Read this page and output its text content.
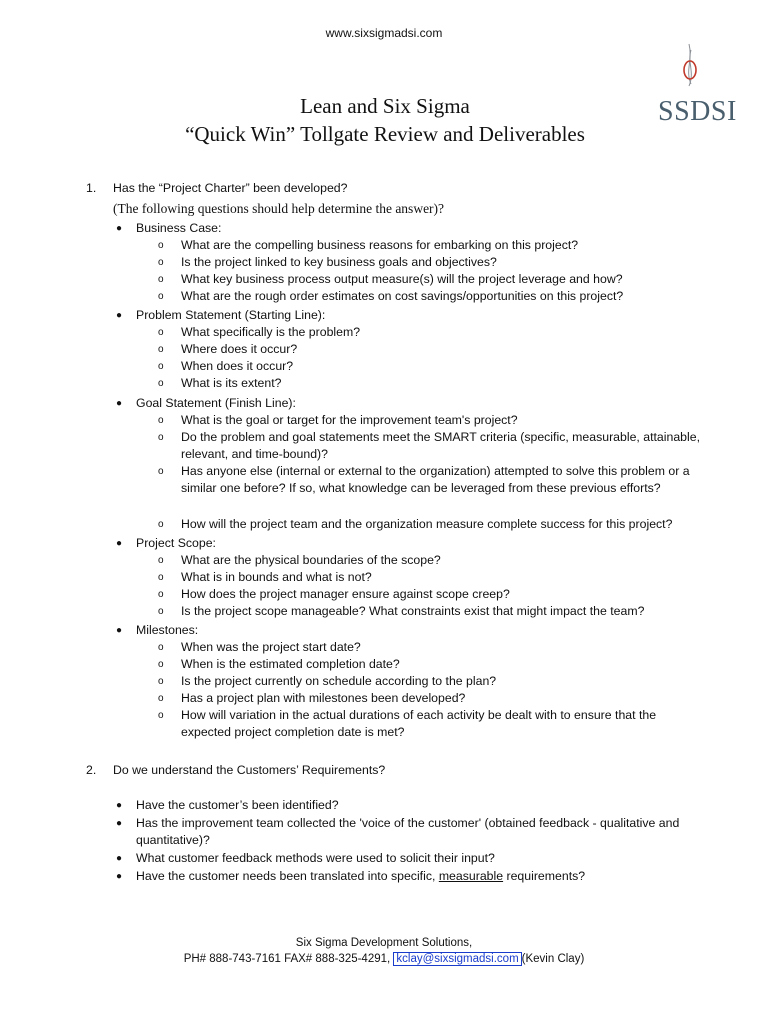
www.sixsigmadsi.com
SSDSI
Lean and Six Sigma
“Quick Win” Tollgate Review and Deliverables
1. Has the “Project Charter” been developed?
(The following questions should help determine the answer)?
● Business Case:
o What are the compelling business reasons for embarking on this project?
o Is the project linked to key business goals and objectives?
o What key business process output measure(s) will the project leverage and how?
o What are the rough order estimates on cost savings/opportunities on this project?
● Problem Statement (Starting Line):
o What specifically is the problem?
o Where does it occur?
o When does it occur?
o What is its extent?
● Goal Statement (Finish Line):
o What is the goal or target for the improvement team's project?
o Do the problem and goal statements meet the SMART criteria (specific, measurable, attainable, relevant, and time-bound)?
o Has anyone else (internal or external to the organization) attempted to solve this problem or a similar one before? If so, what knowledge can be leveraged from these previous efforts?
o How will the project team and the organization measure complete success for this project?
● Project Scope:
o What are the physical boundaries of the scope?
o What is in bounds and what is not?
o How does the project manager ensure against scope creep?
o Is the project scope manageable? What constraints exist that might impact the team?
● Milestones:
o When was the project start date?
o When is the estimated completion date?
o Is the project currently on schedule according to the plan?
o Has a project plan with milestones been developed?
o How will variation in the actual durations of each activity be dealt with to ensure that the expected project completion date is met?
2. Do we understand the Customers’ Requirements?
● Have the customer’s been identified?
● Has the improvement team collected the 'voice of the customer' (obtained feedback - qualitative and quantitative)?
● What customer feedback methods were used to solicit their input?
● Have the customer needs been translated into specific, measurable requirements?
Six Sigma Development Solutions,
PH# 888-743-7161 FAX# 888-325-4291, kclay@sixsigmadsi.com (Kevin Clay)
